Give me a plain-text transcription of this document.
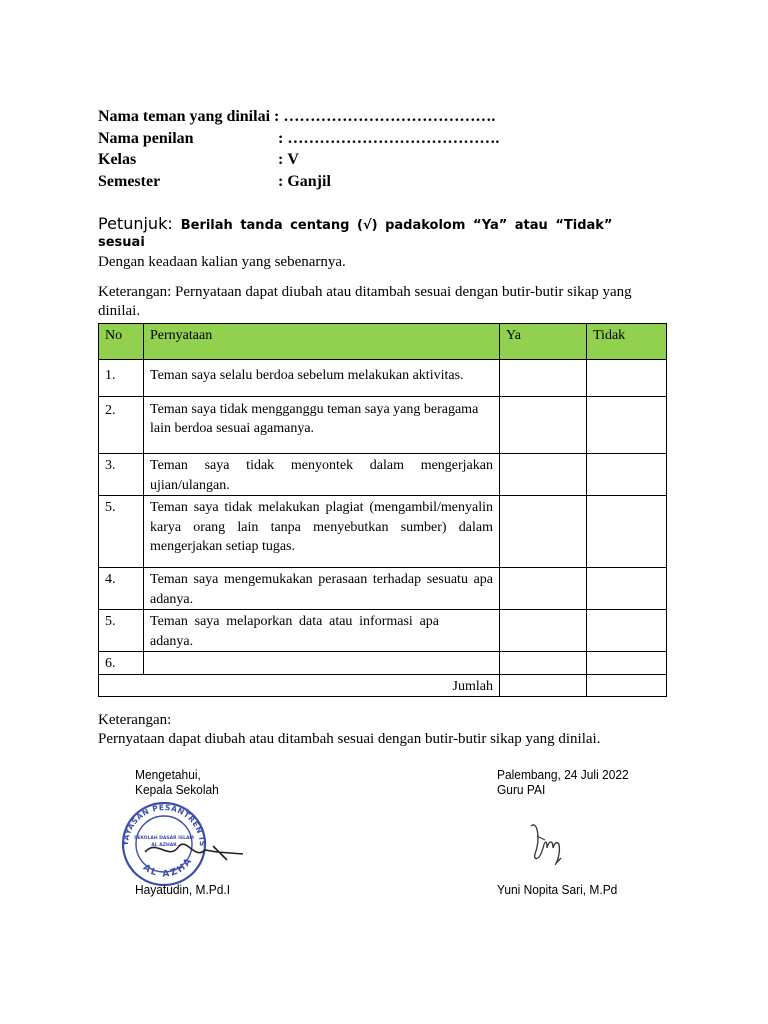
Nama teman yang dinilai : ………………………………….
Nama penilan	: ………………………………….
Kelas	: V
Semester	: Ganjil
Petunjuk: Berilah tanda centang (√) padakolom “Ya” atau “Tidak” sesuai
Dengan keadaan kalian yang sebenarnya.
Keterangan: Pernyataan dapat diubah atau ditambah sesuai dengan butir-butir sikap yang dinilai.
No	Pernyataan	Ya	Tidak
1.	Teman saya selalu berdoa sebelum melakukan aktivitas.		
2.	Teman saya tidak mengganggu teman saya yang beragama
lain berdoa sesuai agamanya.		
3.	Teman saya tidak menyontek dalam mengerjakan ujian/ulangan.		
5.	Teman saya tidak melakukan plagiat (mengambil/menyalin karya orang lain tanpa menyebutkan sumber) dalam mengerjakan setiap tugas.		
4.	Teman saya mengemukakan perasaan terhadap sesuatu apa adanya.		
5.	Teman saya melaporkan data atau informasi apa adanya.		
6.			
Jumlah			
Keterangan:
Pernyataan dapat diubah atau ditambah sesuai dengan butir-butir sikap yang dinilai.
Mengetahui,
Kepala Sekolah
Palembang, 24 Juli 2022
Guru PAI
YAYASAN PESANTREN IS
AL AZHA
SEKOLAH DASAR ISLAM
AL AZHAR
Hayatudin, M.Pd.I	Yuni Nopita Sari, M.Pd
